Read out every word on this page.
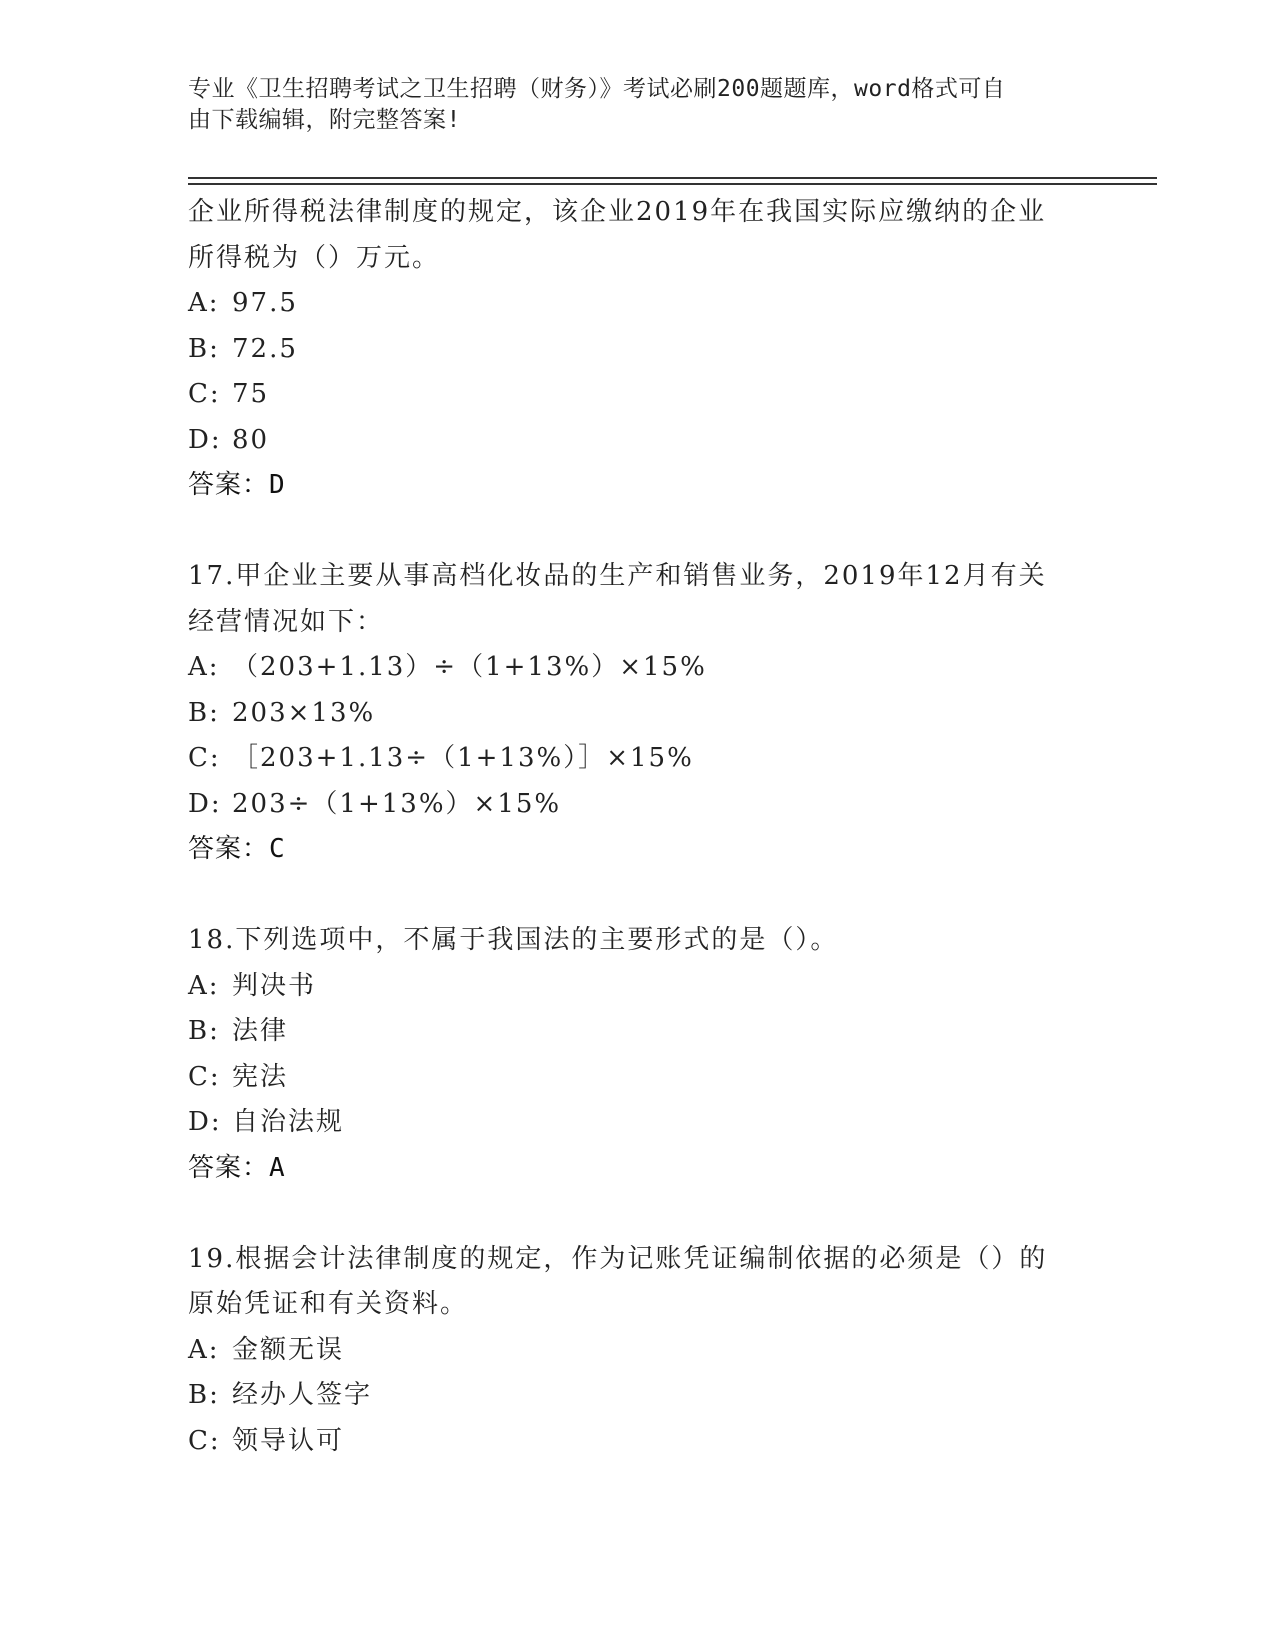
专业《卫生招聘考试之卫生招聘（财务）》考试必刷200题题库，word格式可自
由下载编辑，附完整答案!
企业所得税法律制度的规定，该企业2019年在我国实际应缴纳的企业
所得税为（）万元。
A: 97.5
B: 72.5
C: 75
D: 80
答案：D
17.甲企业主要从事高档化妆品的生产和销售业务，2019年12月有关
经营情况如下：
A: （203+1.13）÷（1+13%）×15%
B: 203×13%
C: ［203+1.13÷（1+13%）］×15%
D: 203÷（1+13%）×15%
答案：C
18.下列选项中，不属于我国法的主要形式的是（）。
A: 判决书
B: 法律
C: 宪法
D: 自治法规
答案：A
19.根据会计法律制度的规定，作为记账凭证编制依据的必须是（）的
原始凭证和有关资料。
A: 金额无误
B: 经办人签字
C: 领导认可
